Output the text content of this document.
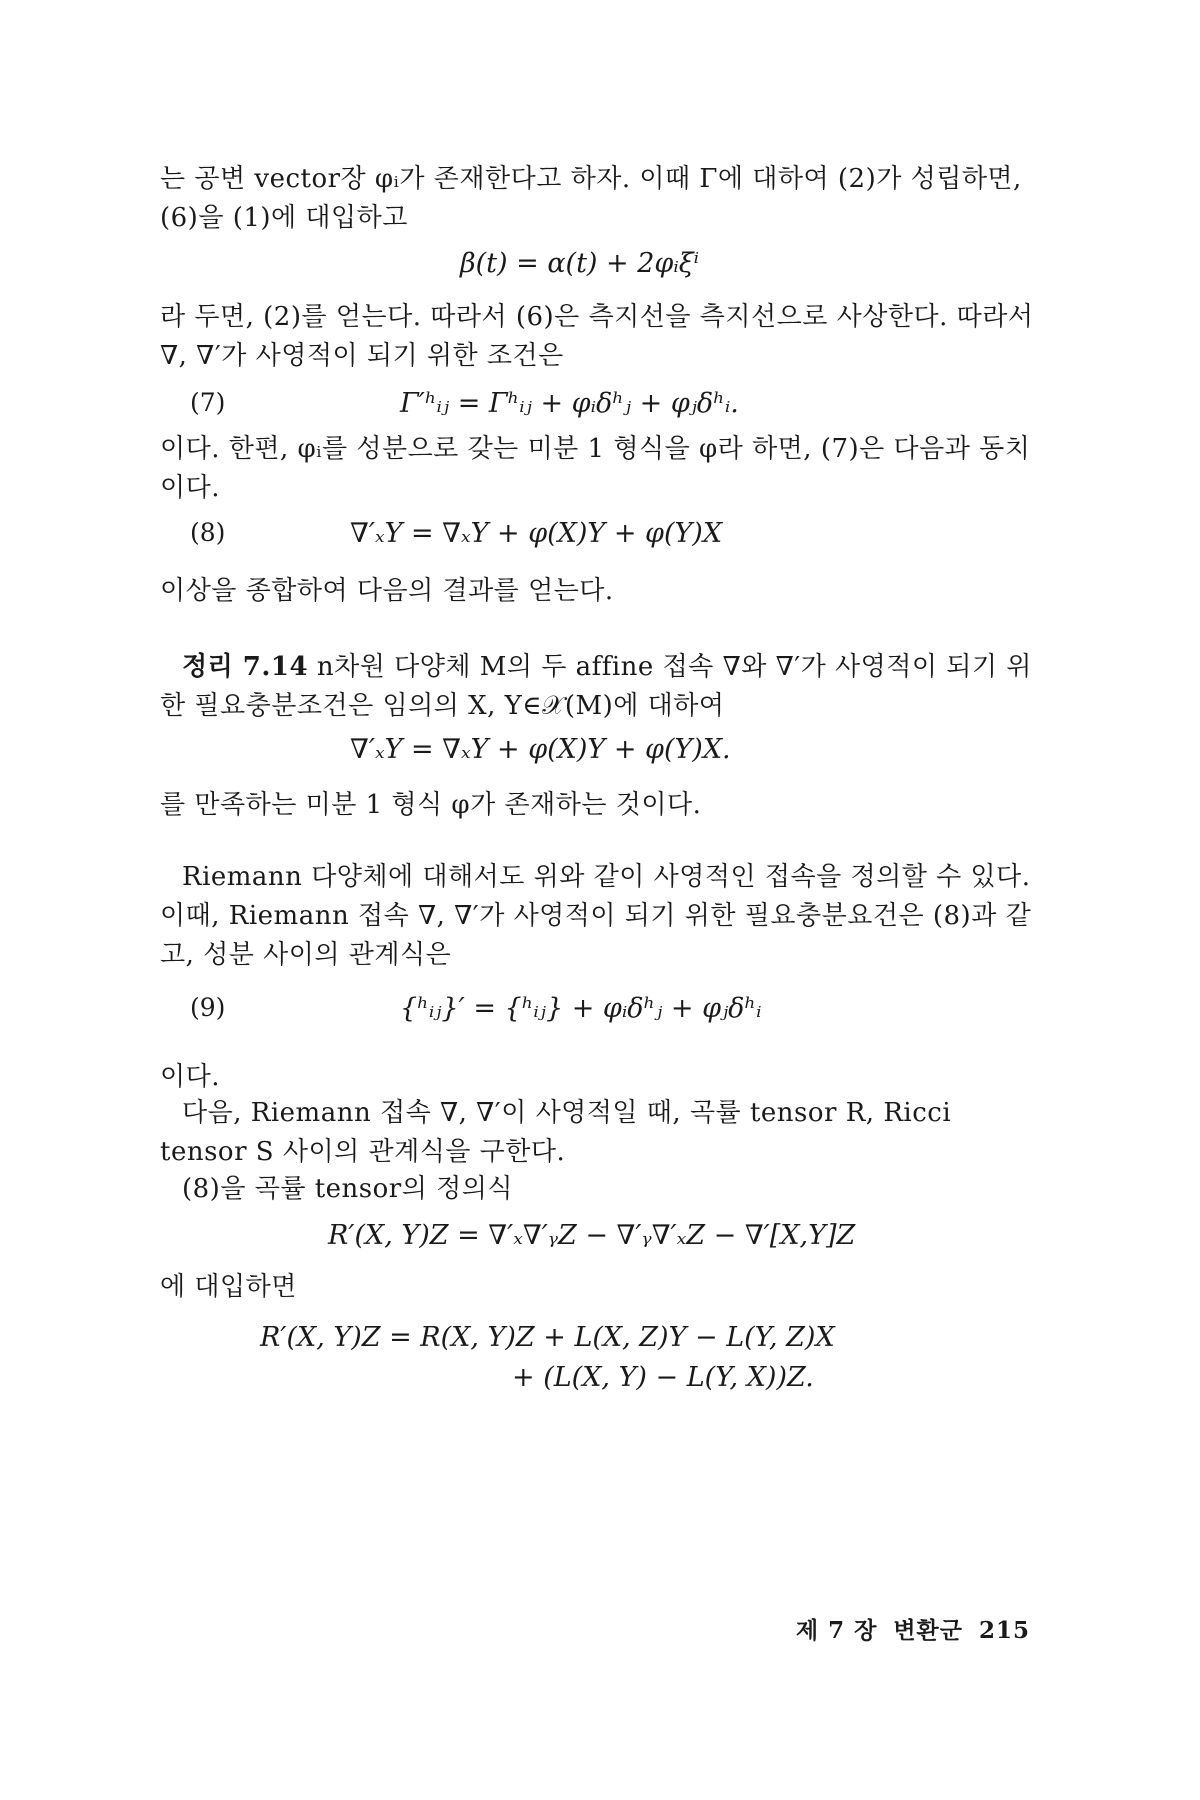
는 공변 vector장 φᵢ가 존재한다고 하자. 이때 Γ에 대하여 (2)가 성립하면, (6)을 (1)에 대입하고

β(t) = α(t) + 2φᵢξⁱ

라 두면, (2)를 얻는다. 따라서 (6)은 측지선을 측지선으로 사상한다. 따라서 ∇, ∇′가 사영적이 되기 위한 조건은

(7)	Γ′ʰᵢⱼ = Γʰᵢⱼ + φᵢδʰⱼ + φⱼδʰᵢ.

이다. 한편, φᵢ를 성분으로 갖는 미분 1 형식을 φ라 하면, (7)은 다음과 동치이다.

(8)	∇′ₓY = ∇ₓY + φ(X)Y + φ(Y)X

이상을 종합하여 다음의 결과를 얻는다.

정리 7.14 n차원 다양체 M의 두 affine 접속 ∇와 ∇′가 사영적이 되기 위한 필요충분조건은 임의의 X, Y∈𝒳(M)에 대하여

∇′ₓY = ∇ₓY + φ(X)Y + φ(Y)X.

를 만족하는 미분 1 형식 φ가 존재하는 것이다.

Riemann 다양체에 대해서도 위와 같이 사영적인 접속을 정의할 수 있다. 이때, Riemann 접속 ∇, ∇′가 사영적이 되기 위한 필요충분요건은 (8)과 같고, 성분 사이의 관계식은

(9)	{ʰᵢⱼ}′ = {ʰᵢⱼ} + φᵢδʰⱼ + φⱼδʰᵢ

이다.

다음, Riemann 접속 ∇, ∇′이 사영적일 때, 곡률 tensor R, Ricci tensor S 사이의 관계식을 구한다.

(8)을 곡률 tensor의 정의식

R′(X, Y)Z = ∇′ₓ∇′ᵧZ − ∇′ᵧ∇′ₓZ − ∇′[X,Y]Z

에 대입하면

R′(X, Y)Z = R(X, Y)Z + L(X, Z)Y − L(Y, Z)X
+ (L(X, Y) − L(Y, X))Z.
제 7 장 변환군 215
